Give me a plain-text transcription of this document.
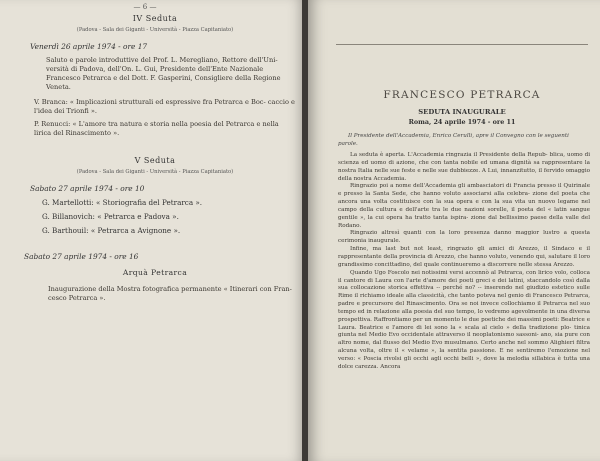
— 6 —
IV Seduta
(Padova - Sala dei Giganti - Università - Piazza Capitaniato)
Venerdì 26 aprile 1974 - ore 17
Saluto e parole introduttive del Prof. L. Meregliano, Rettore dell'Uni- versità di Padova, dell'On. L. Gui, Presidente dell'Ente Nazionale Francesco Petrarca e del Dott. F. Gasperini, Consigliere della Regione Veneta.
V. Branca: « Implicazioni strutturali ed espressive fra Petrarca e Boc- caccio e l'idea dei Trionfi ».
P. Renucci: « L'amore tra natura e storia nella poesia del Petrarca e nella lirica del Rinascimento ».
V Seduta
(Padova - Sala dei Giganti - Università - Piazza Capitaniato)
Sabato 27 aprile 1974 - ore 10
G. Martellotti: « Storiografia del Petrarca ».
G. Billanovich: « Petrarca e Padova ».
G. Barthouil: « Petrarca a Avignone ».
Sabato 27 aprile 1974 - ore 16
Arquà Petrarca
Inaugurazione della Mostra fotografica permanente « Itinerari con Fran- cesco Petrarca ».
FRANCESCO PETRARCA
SEDUTA INAUGURALE
Roma, 24 aprile 1974 - ore 11
Il Presidente dell'Accademia, Enrico Cerulli, apre il Convegno con le seguenti parole.

La seduta è aperta. L'Accademia ringrazia il Presidente della Repub- blica, uomo di scienza ed uomo di azione, che con tanta nobile ed umana dignità sa rappresentare la nostra Italia nelle sue feste e nelle sue dubbiezze. A Lui, innanzitutto, il fervido omaggio della nostra Accademia.

Ringrazio poi a nome dell'Accademia gli ambasciatori di Francia presso il Quirinale e presso la Santa Sede, che hanno voluto associarsi alla celebra- zione del poeta che ancora una volta costituisce con la sua opera e con la sua vita un nuovo legame nel campo della cultura e dell'arte tra le due nazioni sorelle, il poeta del « latin sangue gentile », la cui opera ha tratto tanta ispira- zione dal bellissimo paese della valle del Rodano.

Ringrazio altresì quanti con la loro presenza danno maggior lustro a questa cerimonia inaugurale.

Infine, ma last but not least, ringrazio gli amici di Arezzo, il Sindaco e il rappresentante della provincia di Arezzo, che hanno voluto, venendo qui, salutare il loro grandissimo concittadino, del quale continueremo a discorrere nelle stessa Arezzo.

Quando Ugo Foscolo nei notissimi versi accennò al Petrarca, con lirico volo, colloca il cantore di Laura con l'arte d'amore dei poeti greci e dei latini, staccandolo così dalla sua collocazione storica effettiva -- perché no? -- inserendo nel giudizio estetico sulle Rime il richiamo ideale alla classicità, che tanto poteva nel genio di Francesco Petrarca, padre e precursore del Rinascimento. Ora se noi invece collochiamo il Petrarca nel suo tempo ed in relazione alla poesia del suo tempo, lo vedremo agevolmente in una diversa prospettiva. Raffrontiamo per un momento le due poetiche dei massimi poeti: Beatrice e Laura. Beatrice e l'amore di lei sono la « scala al cielo » della tradizione plo- tinica giunta nel Medio Evo occidentale attraverso il neoplatonismo sassoni- ano, sia pure con altro nome, dal flusso del Medio Evo musulmano. Certo anche nel sommo Alighieri filtra alcuna volta, oltre il « velame », la sentita passione. E ne sentiremo l'emozione nel verso: « Poscia rivolsi gli occhi agli occhi belli », dove la melodia sillabica è tutta una dolce carezza. Ancora
